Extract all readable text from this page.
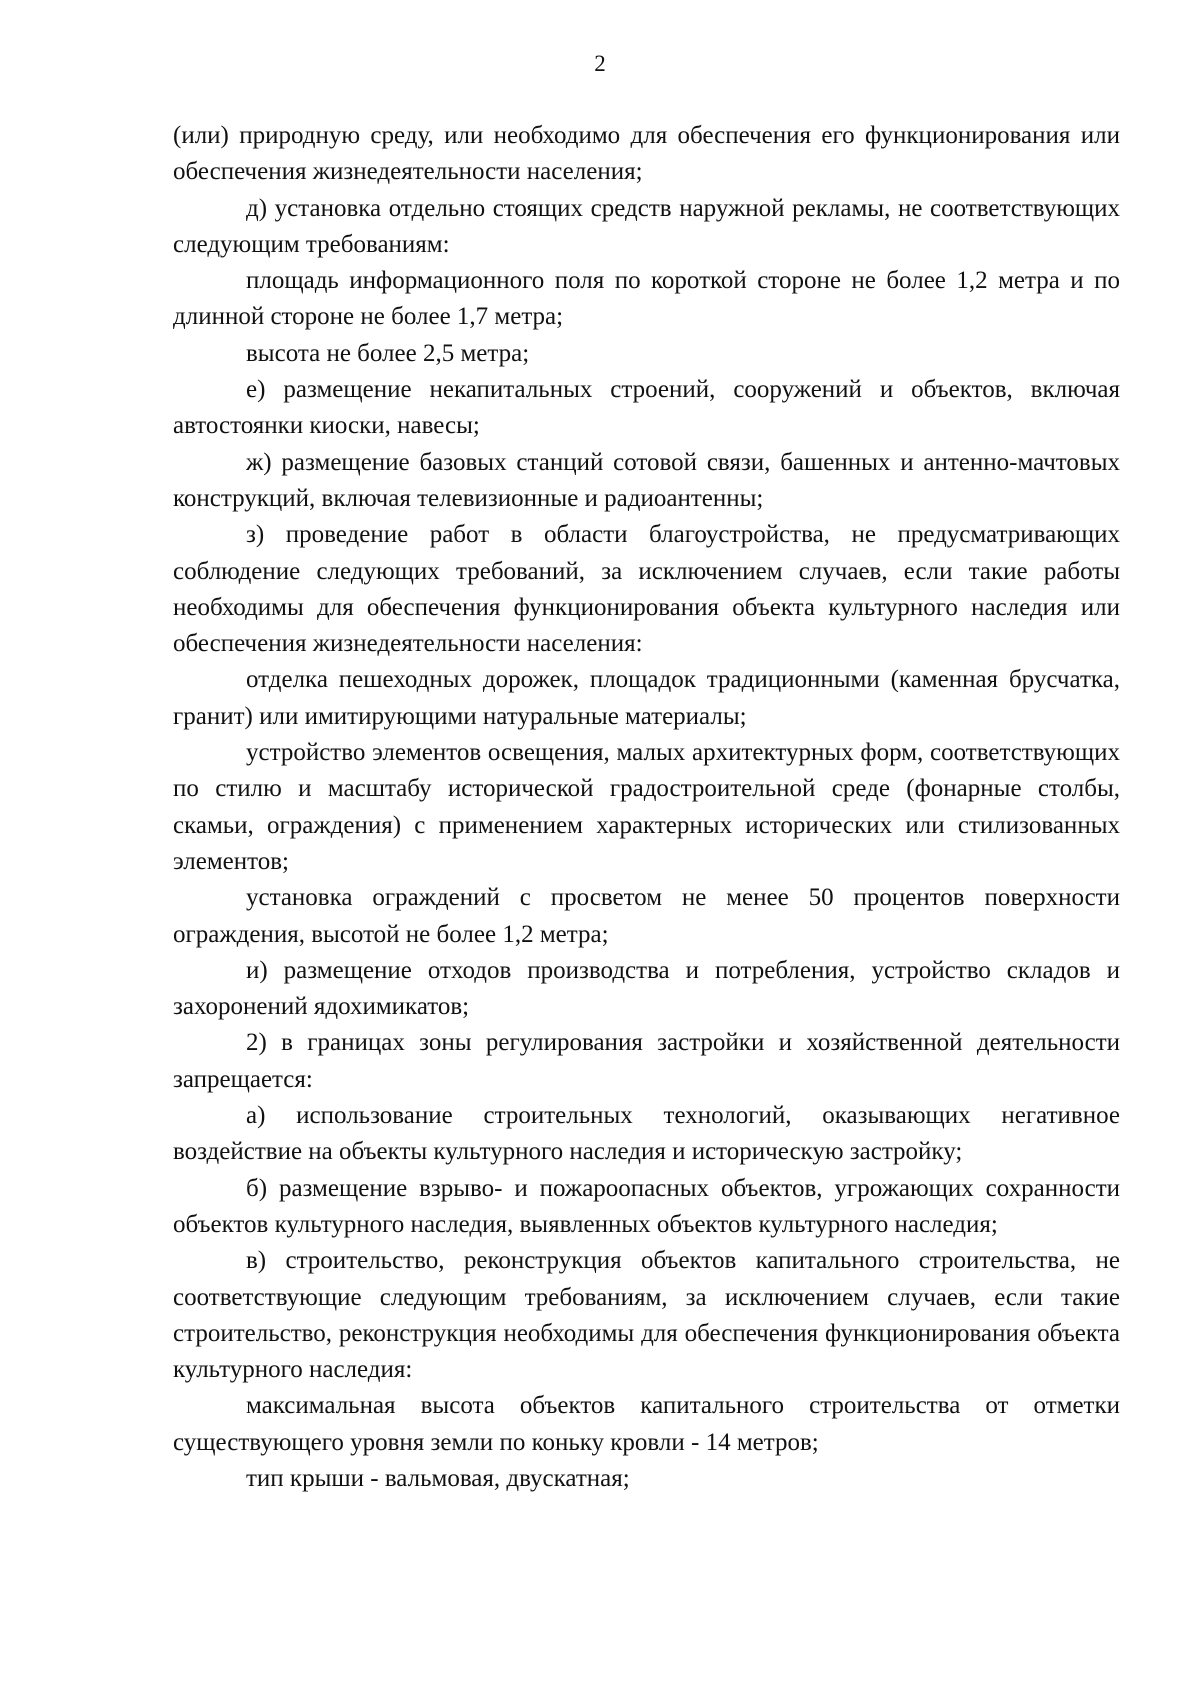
2

(или) природную среду, или необходимо для обеспечения его функционирования или обеспечения жизнедеятельности населения;

д) установка отдельно стоящих средств наружной рекламы, не соответствующих следующим требованиям:

площадь информационного поля по короткой стороне не более 1,2 метра и по длинной стороне не более 1,7 метра;

высота не более 2,5 метра;

е) размещение некапитальных строений, сооружений и объектов, включая автостоянки киоски, навесы;

ж) размещение базовых станций сотовой связи, башенных и антенно-мачтовых конструкций, включая телевизионные и радиоантенны;

з) проведение работ в области благоустройства, не предусматривающих соблюдение следующих требований, за исключением случаев, если такие работы необходимы для обеспечения функционирования объекта культурного наследия или обеспечения жизнедеятельности населения:

отделка пешеходных дорожек, площадок традиционными (каменная брусчатка, гранит) или имитирующими натуральные материалы;

устройство элементов освещения, малых архитектурных форм, соответствующих по стилю и масштабу исторической градостроительной среде (фонарные столбы, скамьи, ограждения) с применением характерных исторических или стилизованных элементов;

установка ограждений с просветом не менее 50 процентов поверхности ограждения, высотой не более 1,2 метра;

и) размещение отходов производства и потребления, устройство складов и захоронений ядохимикатов;

2) в границах зоны регулирования застройки и хозяйственной деятельности запрещается:

а) использование строительных технологий, оказывающих негативное воздействие на объекты культурного наследия и историческую застройку;

б) размещение взрыво- и пожароопасных объектов, угрожающих сохранности объектов культурного наследия, выявленных объектов культурного наследия;

в) строительство, реконструкция объектов капитального строительства, не соответствующие следующим требованиям, за исключением случаев, если такие строительство, реконструкция необходимы для обеспечения функционирования объекта культурного наследия:

максимальная высота объектов капитального строительства от отметки существующего уровня земли по коньку кровли - 14 метров;

тип крыши - вальмовая, двускатная;
